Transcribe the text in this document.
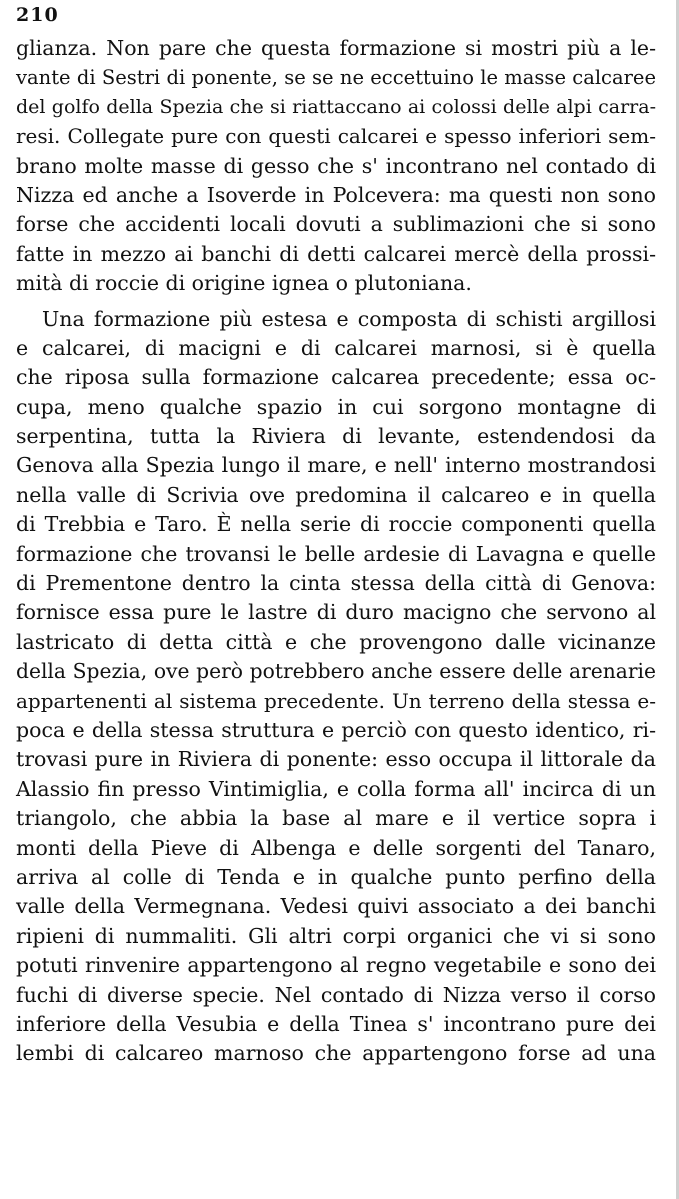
210
glianza. Non pare che questa formazione si mostri più a le-
vante di Sestri di ponente, se se ne eccettuino le masse calcaree
del golfo della Spezia che si riattaccano ai colossi delle alpi carra-
resi. Collegate pure con questi calcarei e spesso inferiori sem-
brano molte masse di gesso che s' incontrano nel contado di
Nizza ed anche a Isoverde in Polcevera: ma questi non sono
forse che accidenti locali dovuti a sublimazioni che si sono
fatte in mezzo ai banchi di detti calcarei mercè della prossi-
mità di roccie di origine ignea o plutoniana.
Una formazione più estesa e composta di schisti argillosi
e calcarei, di macigni e di calcarei marnosi, si è quella
che riposa sulla formazione calcarea precedente; essa oc-
cupa, meno qualche spazio in cui sorgono montagne di
serpentina, tutta la Riviera di levante, estendendosi da
Genova alla Spezia lungo il mare, e nell' interno mostrandosi
nella valle di Scrivia ove predomina il calcareo e in quella
di Trebbia e Taro. È nella serie di roccie componenti quella
formazione che trovansi le belle ardesie di Lavagna e quelle
di Prementone dentro la cinta stessa della città di Genova:
fornisce essa pure le lastre di duro macigno che servono al
lastricato di detta città e che provengono dalle vicinanze
della Spezia, ove però potrebbero anche essere delle arenarie
appartenenti al sistema precedente. Un terreno della stessa e-
poca e della stessa struttura e perciò con questo identico, ri-
trovasi pure in Riviera di ponente: esso occupa il littorale da
Alassio fin presso Vintimiglia, e colla forma all' incirca di un
triangolo, che abbia la base al mare e il vertice sopra i
monti della Pieve di Albenga e delle sorgenti del Tanaro,
arriva al colle di Tenda e in qualche punto perfino della
valle della Vermegnana. Vedesi quivi associato a dei banchi
ripieni di nummaliti. Gli altri corpi organici che vi si sono
potuti rinvenire appartengono al regno vegetabile e sono dei
fuchi di diverse specie. Nel contado di Nizza verso il corso
inferiore della Vesubia e della Tinea s' incontrano pure dei
lembi di calcareo marnoso che appartengono forse ad una
